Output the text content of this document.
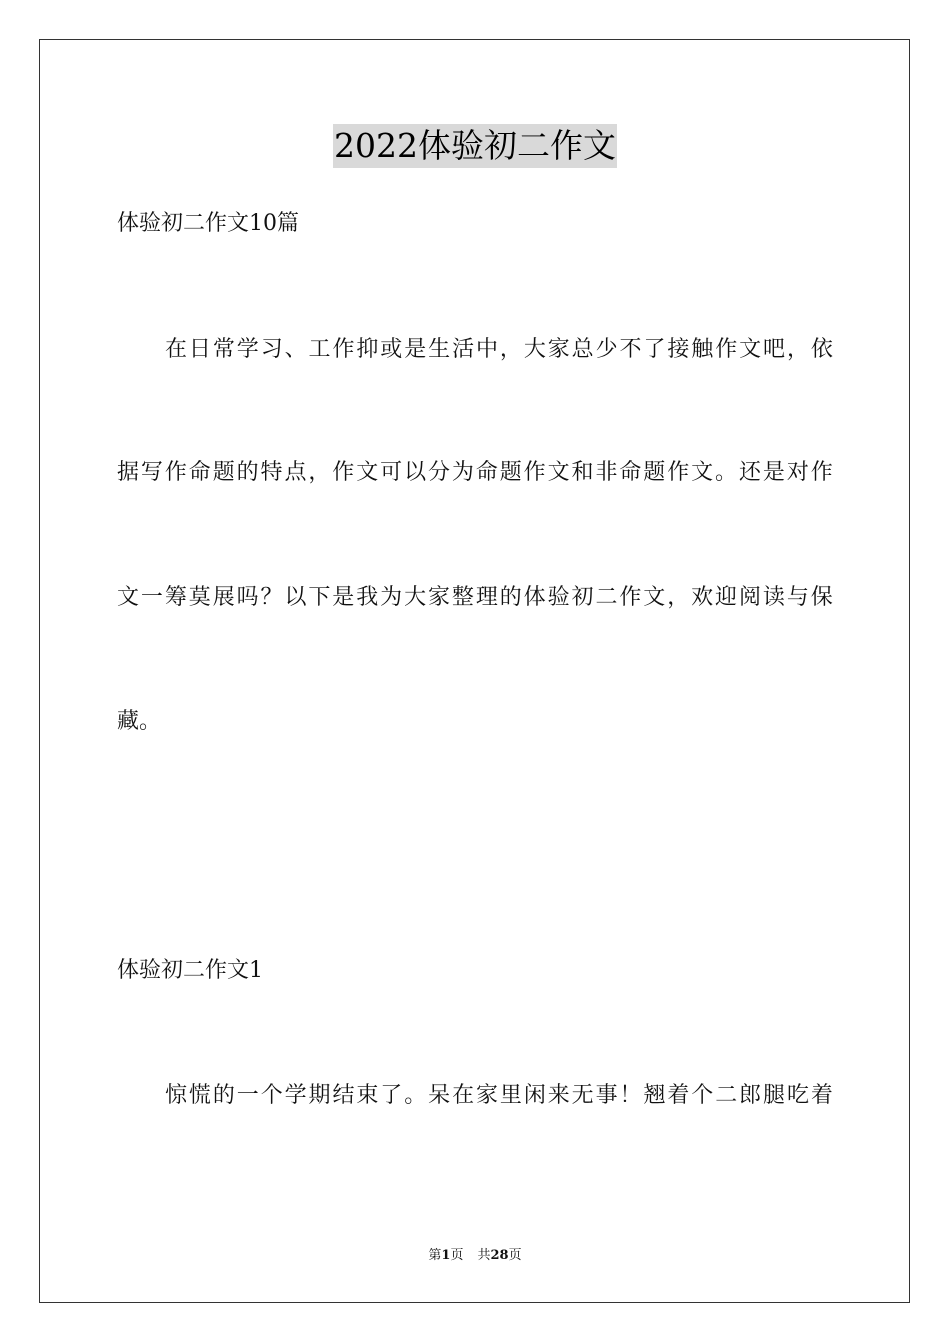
2022体验初二作文
体验初二作文10篇
在 日 常 学 习 、 工 作 抑 或 是 生 活 中 ， 大 家 总 少 不 了 接 触 作 文 吧 ， 依
据 写 作 命 题 的 特 点 ， 作 文 可 以 分 为 命 题 作 文 和 非 命 题 作 文 。 还 是 对 作
文 一 筹 莫 展 吗 ？ 以 下 是 我 为 大 家 整 理 的 体 验 初 二 作 文 ， 欢 迎 阅 读 与 保
藏。
体验初二作文1
惊 慌 的 一 个 学 期 结 束 了 。 呆 在 家 里 闲 来 无 事 ！ 翘 着 个 二 郎 腿 吃 着
第1页 共28页
